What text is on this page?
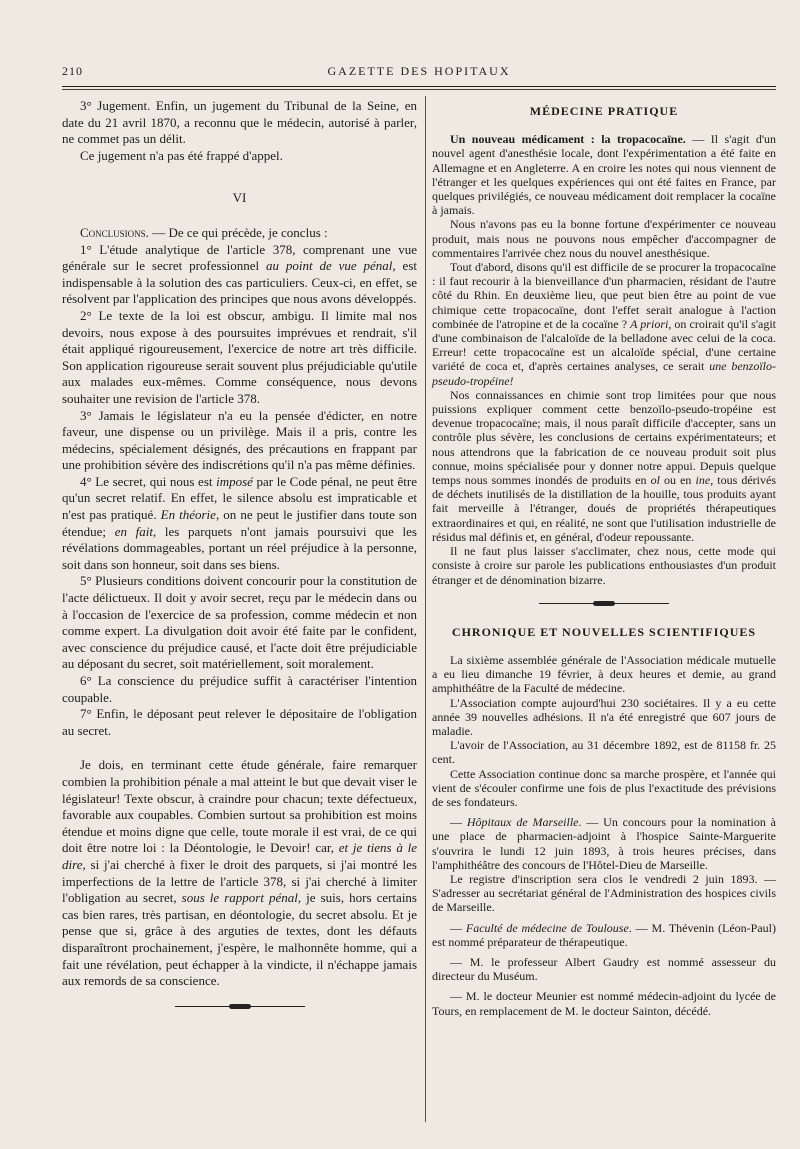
210	GAZETTE DES HOPITAUX

3° Jugement. Enfin, un jugement du Tribunal de la Seine, en date du 21 avril 1870, a reconnu que le médecin, autorisé à parler, ne commet pas un délit.

Ce jugement n'a pas été frappé d'appel.

VI

Conclusions. — De ce qui précède, je conclus :

1° L'étude analytique de l'article 378, comprenant une vue générale sur le secret professionnel au point de vue pénal, est indispensable à la solution des cas particuliers. Ceux-ci, en effet, se résolvent par l'application des principes que nous avons développés.

2° Le texte de la loi est obscur, ambigu. Il limite mal nos devoirs, nous expose à des poursuites imprévues et rendrait, s'il était appliqué rigoureusement, l'exercice de notre art très difficile. Son application rigoureuse serait souvent plus préjudiciable qu'utile aux malades eux-mêmes. Comme conséquence, nous devons souhaiter une revision de l'article 378.

3° Jamais le législateur n'a eu la pensée d'édicter, en notre faveur, une dispense ou un privilège. Mais il a pris, contre les médecins, spécialement désignés, des précautions en frappant par une prohibition sévère des indiscrétions qu'il n'a pas même définies.

4° Le secret, qui nous est imposé par le Code pénal, ne peut être qu'un secret relatif. En effet, le silence absolu est impraticable et n'est pas pratiqué. En théorie, on ne peut le justifier dans toute son étendue; en fait, les parquets n'ont jamais poursuivi que les révélations dommageables, portant un réel préjudice à la personne, soit dans son honneur, soit dans ses biens.

5° Plusieurs conditions doivent concourir pour la constitution de l'acte délictueux. Il doit y avoir secret, reçu par le médecin dans ou à l'occasion de l'exercice de sa profession, comme médecin et non comme expert. La divulgation doit avoir été faite par le confident, avec conscience du préjudice causé, et l'acte doit être préjudiciable au déposant du secret, soit matériellement, soit moralement.

6° La conscience du préjudice suffit à caractériser l'intention coupable.

7° Enfin, le déposant peut relever le dépositaire de l'obligation au secret.

Je dois, en terminant cette étude générale, faire remarquer combien la prohibition pénale a mal atteint le but que devait viser le législateur! Texte obscur, à craindre pour chacun; texte défectueux, favorable aux coupables. Combien surtout sa prohibition est moins étendue et moins digne que celle, toute morale il est vrai, de ce qui doit être notre loi : la Déontologie, le Devoir! car, et je tiens à le dire, si j'ai cherché à fixer le droit des parquets, si j'ai montré les imperfections de la lettre de l'article 378, si j'ai cherché à limiter l'obligation au secret, sous le rapport pénal, je suis, hors certains cas bien rares, très partisan, en déontologie, du secret absolu. Et je pense que si, grâce à des arguties de textes, dont les défauts disparaîtront prochainement, j'espère, le malhonnête homme, qui a fait une révélation, peut échapper à la vindicte, il n'échappe jamais aux remords de sa conscience.

MÉDECINE PRATIQUE

Un nouveau médicament : la tropacocaïne. — Il s'agit d'un nouvel agent d'anesthésie locale, dont l'expérimentation a été faite en Allemagne et en Angleterre. A en croire les notes qui nous viennent de l'étranger et les quelques expériences qui ont été faites en France, par quelques privilégiés, ce nouveau médicament doit remplacer la cocaïne à jamais.

Nous n'avons pas eu la bonne fortune d'expérimenter ce nouveau produit, mais nous ne pouvons nous empêcher d'accompagner de commentaires l'arrivée chez nous du nouvel anesthésique.

Tout d'abord, disons qu'il est difficile de se procurer la tropacocaïne : il faut recourir à la bienveillance d'un pharmacien, résidant de l'autre côté du Rhin. En deuxième lieu, que peut bien être au point de vue chimique cette tropacocaïne, dont l'effet serait analogue à l'action combinée de l'atropine et de la cocaïne ? A priori, on croirait qu'il s'agit d'une combinaison de l'alcaloïde de la belladone avec celui de la coca. Erreur! cette tropacocaïne est un alcaloïde spécial, d'une certaine variété de coca et, d'après certaines analyses, ce serait une benzoïlo-pseudo-tropéine!

Nos connaissances en chimie sont trop limitées pour que nous puissions expliquer comment cette benzoïlo-pseudo-tropéine est devenue tropacocaïne; mais, il nous paraît difficile d'accepter, sans un contrôle plus sévère, les conclusions de certains expérimentateurs; et nous attendrons que la fabrication de ce nouveau produit soit plus connue, moins spécialisée pour y donner notre appui. Depuis quelque temps nous sommes inondés de produits en ol ou en ine, tous dérivés de déchets inutilisés de la distillation de la houille, tous produits ayant fait merveille à l'étranger, doués de propriétés thérapeutiques extraordinaires et qui, en réalité, ne sont que l'utilisation industrielle de résidus mal définis et, en général, d'odeur repoussante.

Il ne faut plus laisser s'acclimater, chez nous, cette mode qui consiste à croire sur parole les publications enthousiastes d'un produit étranger et de dénomination bizarre.

CHRONIQUE ET NOUVELLES SCIENTIFIQUES

La sixième assemblée générale de l'Association médicale mutuelle a eu lieu dimanche 19 février, à deux heures et demie, au grand amphithéâtre de la Faculté de médecine.

L'Association compte aujourd'hui 230 sociétaires. Il y a eu cette année 39 nouvelles adhésions. Il n'a été enregistré que 607 jours de maladie.

L'avoir de l'Association, au 31 décembre 1892, est de 81158 fr. 25 cent.

Cette Association continue donc sa marche prospère, et l'année qui vient de s'écouler confirme une fois de plus l'exactitude des prévisions de ses fondateurs.

— Hôpitaux de Marseille. — Un concours pour la nomination à une place de pharmacien-adjoint à l'hospice Sainte-Marguerite s'ouvrira le lundi 12 juin 1893, à trois heures précises, dans l'amphithéâtre des concours de l'Hôtel-Dieu de Marseille.

Le registre d'inscription sera clos le vendredi 2 juin 1893. — S'adresser au secrétariat général de l'Administration des hospices civils de Marseille.

— Faculté de médecine de Toulouse. — M. Thévenin (Léon-Paul) est nommé préparateur de thérapeutique.

— M. le professeur Albert Gaudry est nommé assesseur du directeur du Muséum.

— M. le docteur Meunier est nommé médecin-adjoint du lycée de Tours, en remplacement de M. le docteur Sainton, décédé.
